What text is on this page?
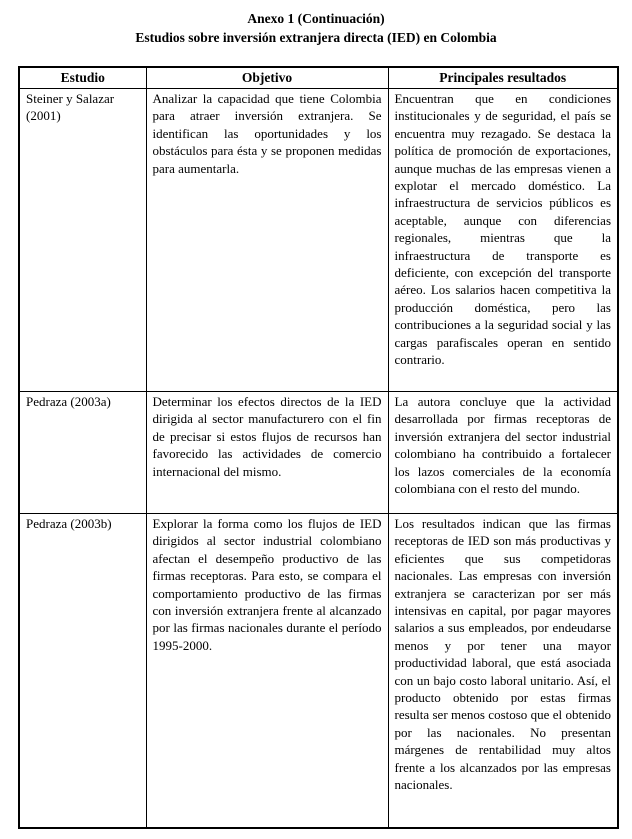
Anexo 1 (Continuación)
Estudios sobre inversión extranjera directa (IED) en Colombia
Estudio	Objetivo	Principales resultados
Steiner y Salazar (2001)	Analizar la capacidad que tiene Colombia para atraer inversión extranjera. Se identifican las oportunidades y los obstáculos para ésta y se proponen medidas para aumentarla.	Encuentran que en condiciones institucionales y de seguridad, el país se encuentra muy rezagado. Se destaca la política de promoción de exportaciones, aunque muchas de las empresas vienen a explotar el mercado doméstico. La infraestructura de servicios públicos es aceptable, aunque con diferencias regionales, mientras que la infraestructura de transporte es deficiente, con excepción del transporte aéreo. Los salarios hacen competitiva la producción doméstica, pero las contribuciones a la seguridad social y las cargas parafiscales operan en sentido contrario.
Pedraza (2003a)	Determinar los efectos directos de la IED dirigida al sector manufacturero con el fin de precisar si estos flujos de recursos han favorecido las actividades de comercio internacional del mismo.	La autora concluye que la actividad desarrollada por firmas receptoras de inversión extranjera del sector industrial colombiano ha contribuido a fortalecer los lazos comerciales de la economía colombiana con el resto del mundo.
Pedraza (2003b)	Explorar la forma como los flujos de IED dirigidos al sector industrial colombiano afectan el desempeño productivo de las firmas receptoras. Para esto, se compara el comportamiento productivo de las firmas con inversión extranjera frente al alcanzado por las firmas nacionales durante el período 1995-2000.	Los resultados indican que las firmas receptoras de IED son más productivas y eficientes que sus competidoras nacionales. Las empresas con inversión extranjera se caracterizan por ser más intensivas en capital, por pagar mayores salarios a sus empleados, por endeudarse menos y por tener una mayor productividad laboral, que está asociada con un bajo costo laboral unitario. Así, el producto obtenido por estas firmas resulta ser menos costoso que el obtenido por las nacionales. No presentan márgenes de rentabilidad muy altos frente a los alcanzados por las empresas nacionales.
